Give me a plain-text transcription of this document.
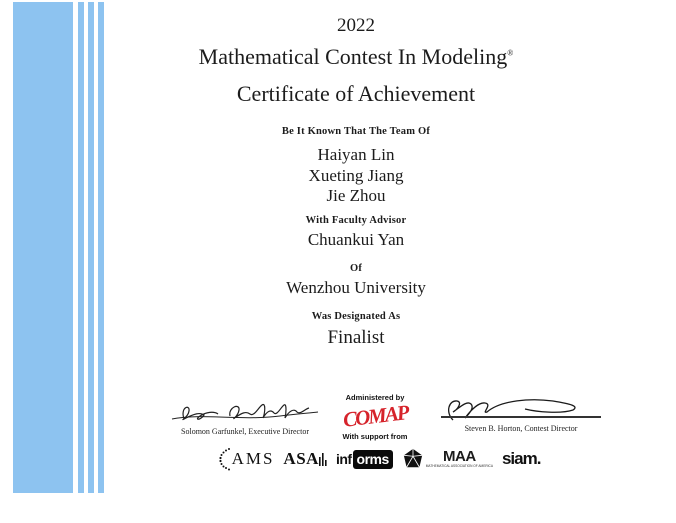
2022
Mathematical Contest In Modeling®
Certificate of Achievement
Be It Known That The Team Of
Haiyan Lin
Xueting Jiang
Jie Zhou
With Faculty Advisor
Chuankui Yan
Of
Wenzhou University
Was Designated As
Finalist
Solomon Garfunkel, Executive Director
Administered by
COMAP
With support from
Steven B. Horton, Contest Director
AMS ASA inf orms	MAA
MATHEMATICAL ASSOCIATION OF AMERICA siam.
